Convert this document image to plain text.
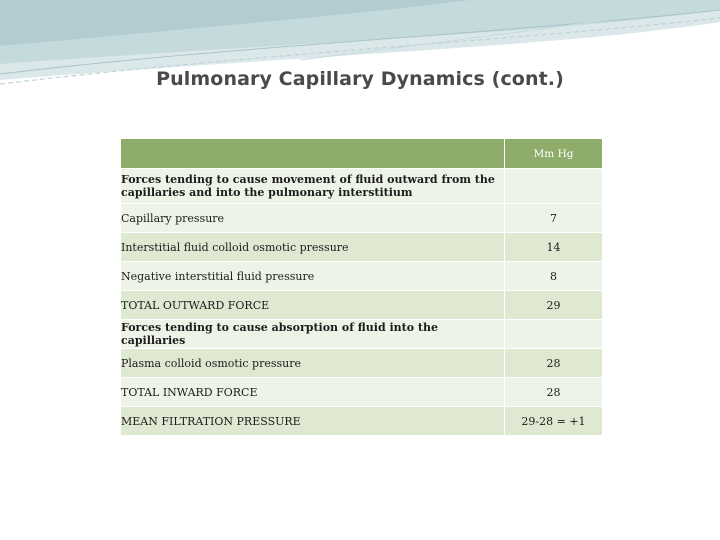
Pulmonary Capillary Dynamics (cont.)
	Mm Hg
Forces tending to cause movement of fluid outward from the capillaries and into the pulmonary interstitium	
Capillary pressure	7
Interstitial fluid colloid osmotic pressure	14
Negative interstitial fluid pressure	8
TOTAL OUTWARD FORCE	29
Forces tending to cause absorption of fluid into the capillaries	
Plasma colloid osmotic pressure	28
TOTAL INWARD FORCE	28
MEAN FILTRATION PRESSURE	29-28 = +1
